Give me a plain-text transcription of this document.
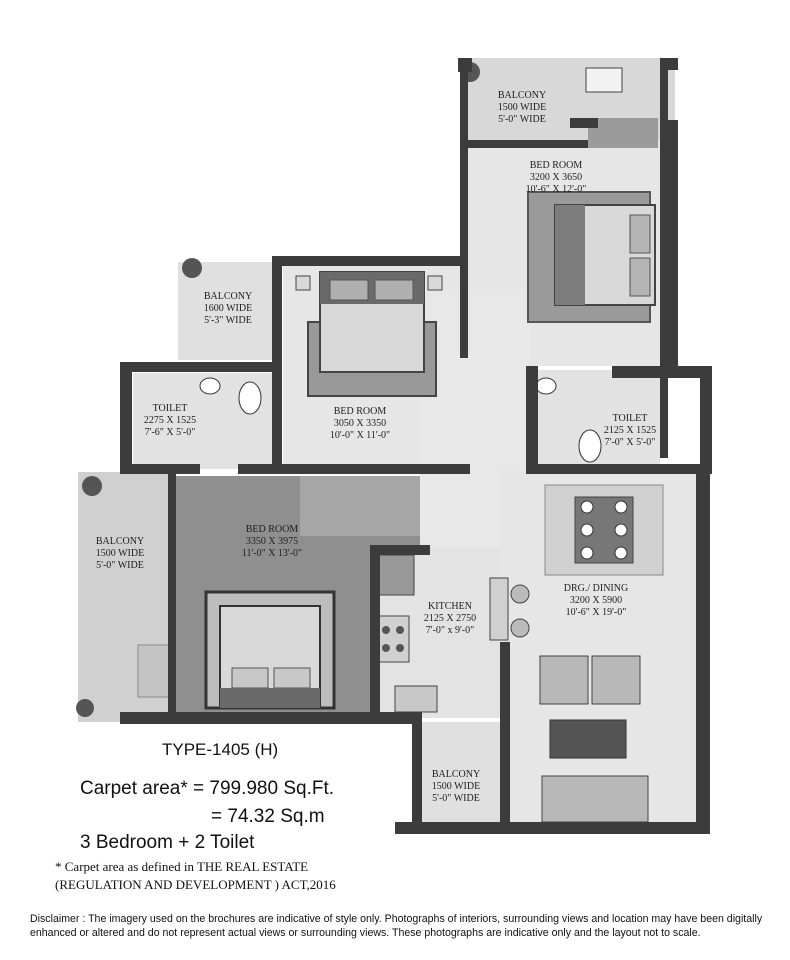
BALCONY
1500 WIDE
5'-0" WIDE
BED ROOM
3200 X 3650
10'-6" X 12'-0"
BALCONY
1600 WIDE
5'-3" WIDE
TOILET
2275 X 1525
7'-6" X 5'-0"
BED ROOM
3050 X 3350
10'-0" X 11'-0"
TOILET
2125 X 1525
7'-0" X 5'-0"
BED ROOM
3350 X 3975
11'-0" X 13'-0"
BALCONY
1500 WIDE
5'-0" WIDE
DRG./ DINING
3200 X 5900
10'-6" X 19'-0"
KITCHEN
2125 X 2750
7'-0" x 9'-0"
BALCONY
1500 WIDE
5'-0" WIDE
TYPE-1405 (H)
Carpet area* = 799.980 Sq.Ft.
= 74.32 Sq.m
3 Bedroom + 2 Toilet
* Carpet area as defined in THE REAL ESTATE
(REGULATION AND DEVELOPMENT ) ACT,2016
Disclaimer : The imagery used on the brochures are indicative of style only. Photographs of interiors, surrounding views and location may have been digitally enhanced or altered and do not represent actual views or surrounding views. These photographs are indicative only and the layout not to scale.
